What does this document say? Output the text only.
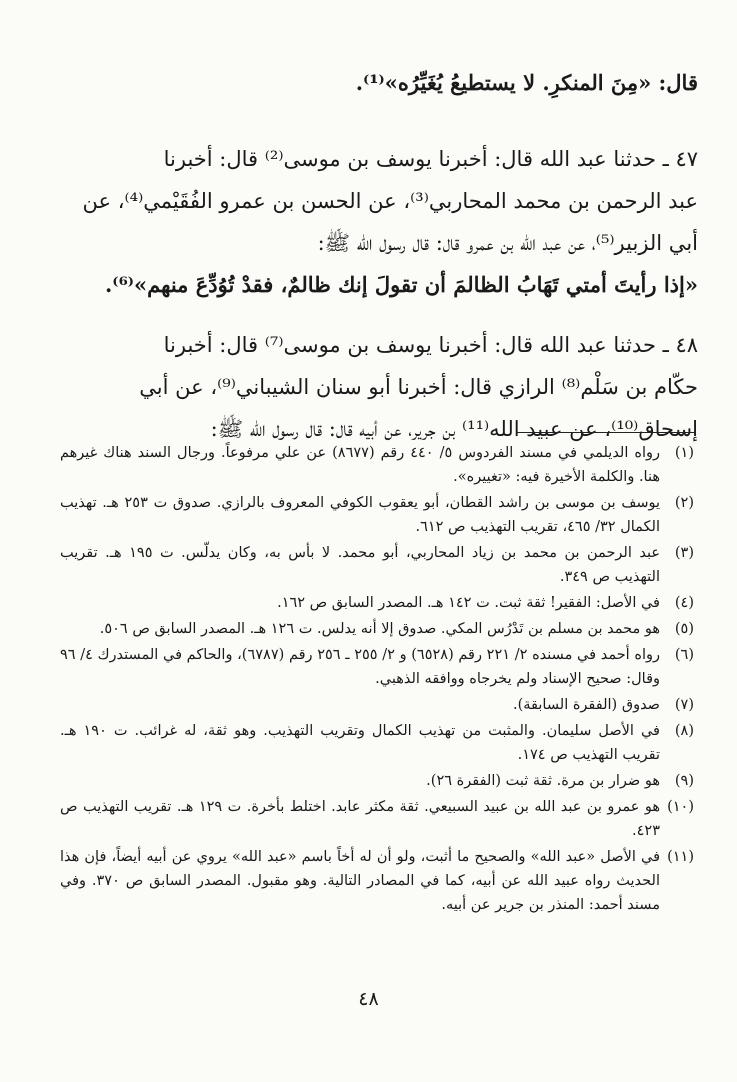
قال: «مِنَ المنكرِ. لا يستطيعُ يُغَيِّرُه»⁽¹⁾.

٤٧ ـ حدثنا عبد الله قال: أخبرنا يوسف بن موسى⁽²⁾ قال: أخبرنا

عبد الرحمن بن محمد المحاربي⁽³⁾، عن الحسن بن عمرو الفُقَيْمي⁽⁴⁾، عن

أبي الزبير⁽⁵⁾، عن عبد الله بن عمرو قال: قال رسول الله ﷺ:

«إذا رأيتَ أمتي تَهَابُ الظالمَ أن تقولَ إنك ظالمٌ، فقدْ تُوُدِّعَ منهم»⁽⁶⁾.

٤٨ ـ حدثنا عبد الله قال: أخبرنا يوسف بن موسى⁽⁷⁾ قال: أخبرنا

حكّام بن سَلْم⁽⁸⁾ الرازي قال: أخبرنا أبو سنان الشيباني⁽⁹⁾، عن أبي

إسحاق⁽¹⁰⁾، عن عبيد الله⁽¹¹⁾ بن جرير، عن أبيه قال: قال رسول الله ﷺ:

(١)
رواه الديلمي في مسند الفردوس ٥/ ٤٤٠ رقم (٨٦٧٧) عن علي مرفوعاً. ورجال السند هناك غيرهم هنا. والكلمة الأخيرة فيه: «تغييره».
(٢)
يوسف بن موسى بن راشد القطان، أبو يعقوب الكوفي المعروف بالرازي. صدوق ت ٢٥٣ هـ. تهذيب الكمال ٣٢/ ٤٦٥، تقريب التهذيب ص ٦١٢.
(٣)
عبد الرحمن بن محمد بن زياد المحاربي، أبو محمد. لا بأس به، وكان يدلّس. ت ١٩٥ هـ. تقريب التهذيب ص ٣٤٩.
(٤)
في الأصل: الفقير! ثقة ثبت. ت ١٤٢ هـ. المصدر السابق ص ١٦٢.
(٥)
هو محمد بن مسلم بن تَدْرُس المكي. صدوق إلا أنه يدلس. ت ١٢٦ هـ. المصدر السابق ص ٥٠٦.
(٦)
رواه أحمد في مسنده ٢/ ٢٢١ رقم (٦٥٢٨) و ٢/ ٢٥٥ ـ ٢٥٦ رقم (٦٧٨٧)، والحاكم في المستدرك ٤/ ٩٦ وقال: صحيح الإسناد ولم يخرجاه ووافقه الذهبي.
(٧)
صدوق (الفقرة السابقة).
(٨)
في الأصل سليمان. والمثبت من تهذيب الكمال وتقريب التهذيب. وهو ثقة، له غرائب. ت ١٩٠ هـ. تقريب التهذيب ص ١٧٤.
(٩)
هو ضرار بن مرة. ثقة ثبت (الفقرة ٢٦).
(١٠)
هو عمرو بن عبد الله بن عبيد السبيعي. ثقة مكثر عابد. اختلط بأخرة. ت ١٢٩ هـ. تقريب التهذيب ص ٤٢٣.
(١١)
في الأصل «عبد الله» والصحيح ما أثبت، ولو أن له أخاً باسم «عبد الله» يروي عن أبيه أيضاً، فإن هذا الحديث رواه عبيد الله عن أبيه، كما في المصادر التالية. وهو مقبول. المصدر السابق ص ٣٧٠. وفي مسند أحمد: المنذر بن جرير عن أبيه.
٤٨
